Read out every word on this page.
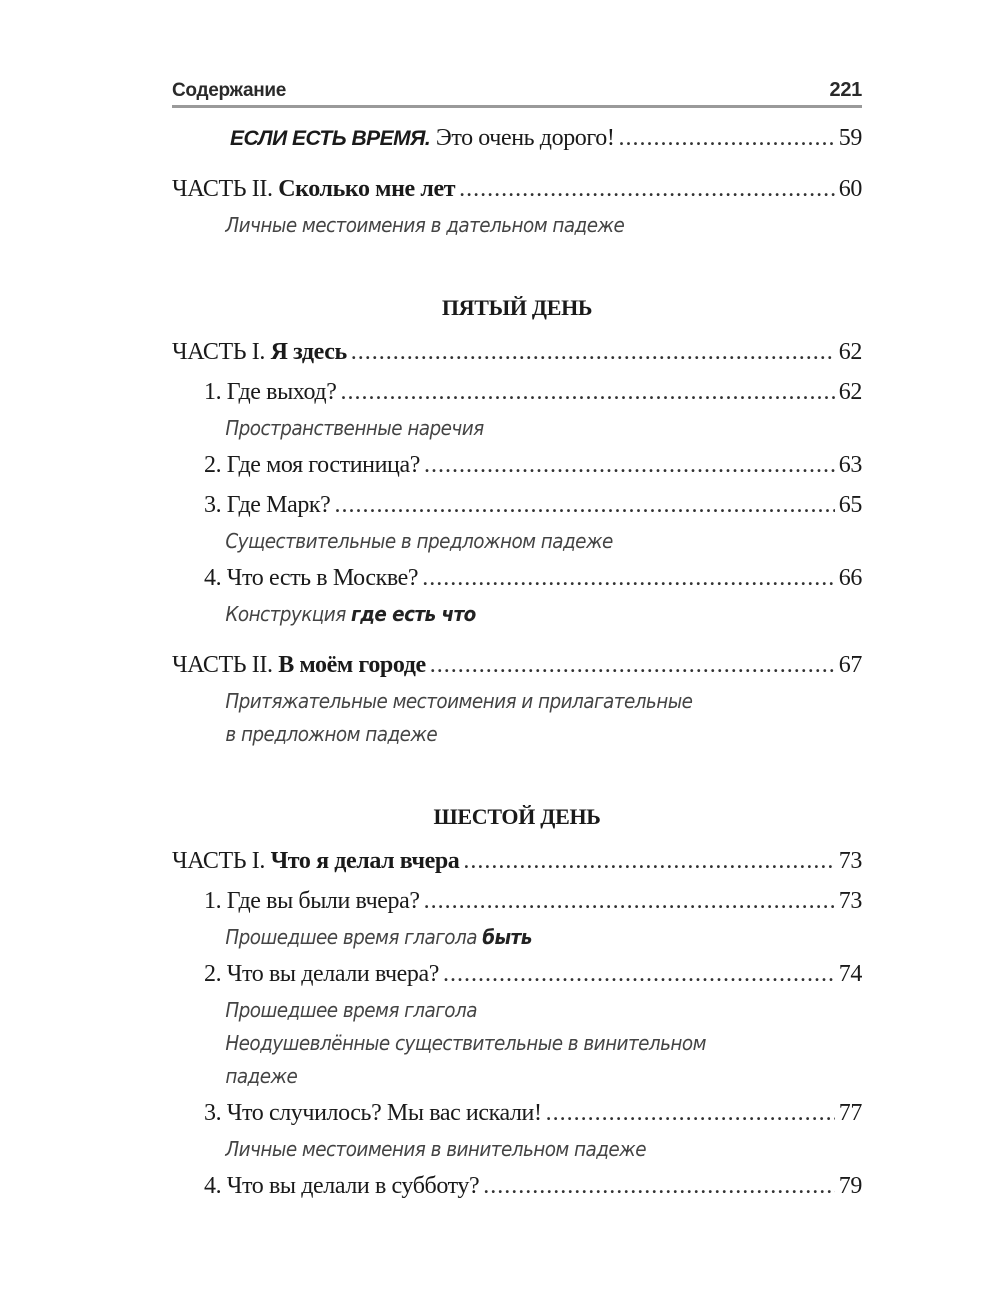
Содержание	221
ЕСЛИ ЕСТЬ ВРЕМЯ. Это очень дорого! .....	59
ЧАСТЬ II. Сколько мне лет .....	60
Личные местоимения в дательном падеже
ПЯТЫЙ ДЕНЬ
ЧАСТЬ I. Я здесь .....	62
1. Где выход? .....	62
Пространственные наречия
2. Где моя гостиница? .....	63
3. Где Марк? .....	65
Существительные в предложном падеже
4. Что есть в Москве? .....	66
Конструкция где есть что
ЧАСТЬ II. В моём городе .....	67
Притяжательные местоимения и прилагательные
в предложном падеже
ШЕСТОЙ ДЕНЬ
ЧАСТЬ I. Что я делал вчера .....	73
1. Где вы были вчера? .....	73
Прошедшее время глагола быть
2. Что вы делали вчера? .....	74
Прошедшее время глагола
Неодушевлённые существительные в винительном
падеже
3. Что случилось? Мы вас искали! .....	77
Личные местоимения в винительном падеже
4. Что вы делали в субботу? .....	79
